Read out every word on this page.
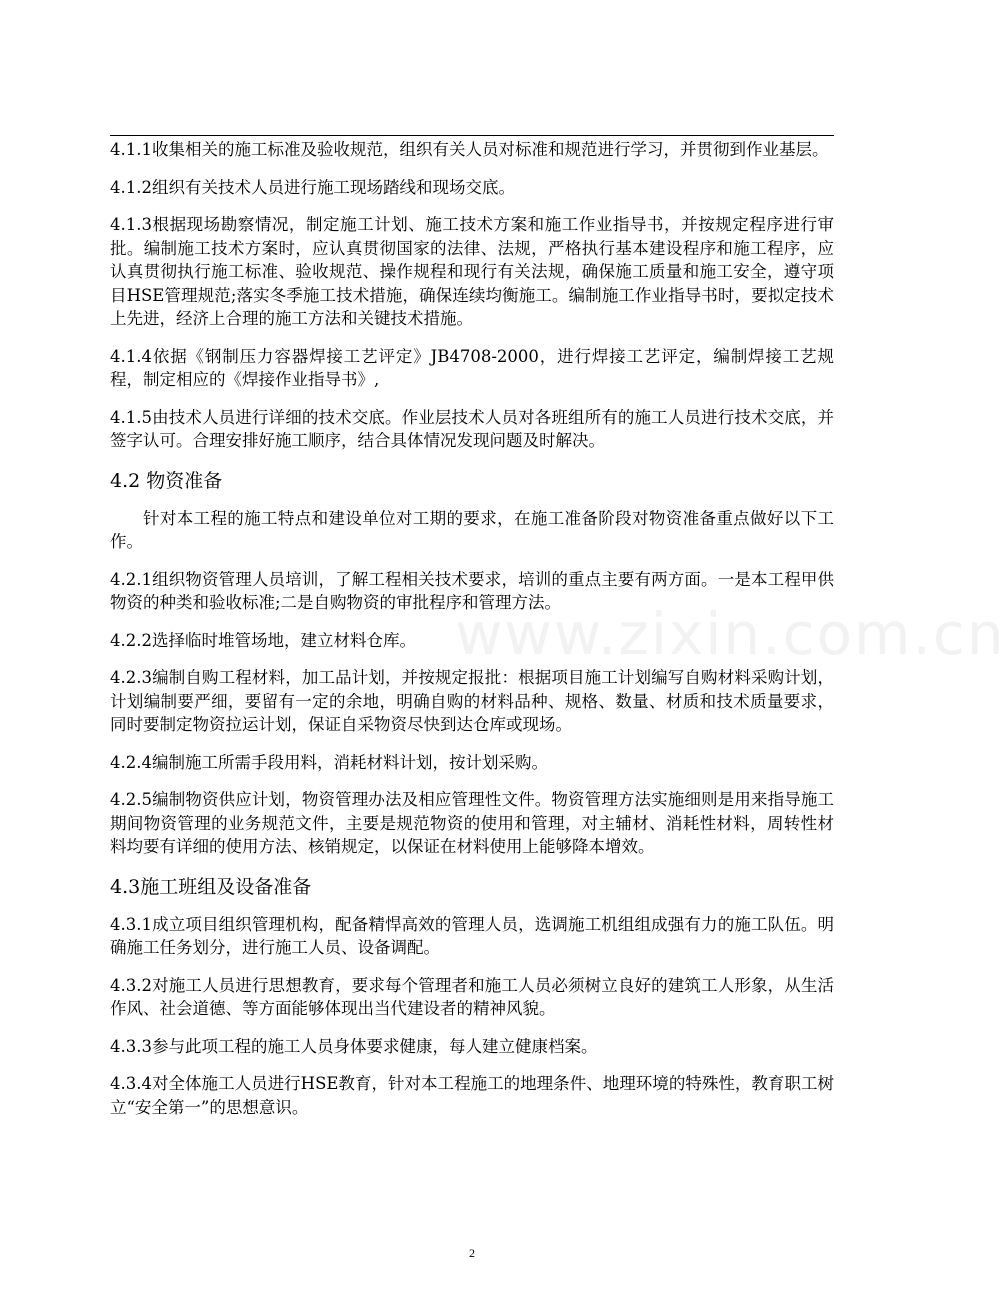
www.zixin.com.cn

4.1.1收集相关的施工标准及验收规范，组织有关人员对标准和规范进行学习，并贯彻到作业基层。

4.1.2组织有关技术人员进行施工现场踏线和现场交底。

4.1.3根据现场勘察情况，制定施工计划、施工技术方案和施工作业指导书，并按规定程序进行审批。编制施工技术方案时，应认真贯彻国家的法律、法规，严格执行基本建设程序和施工程序，应认真贯彻执行施工标准、验收规范、操作规程和现行有关法规，确保施工质量和施工安全，遵守项目HSE管理规范;落实冬季施工技术措施，确保连续均衡施工。编制施工作业指导书时，要拟定技术上先进，经济上合理的施工方法和关键技术措施。

4.1.4依据《钢制压力容器焊接工艺评定》JB4708-2000，进行焊接工艺评定，编制焊接工艺规程，制定相应的《焊接作业指导书》,

4.1.5由技术人员进行详细的技术交底。作业层技术人员对各班组所有的施工人员进行技术交底，并签字认可。合理安排好施工顺序，结合具体情况发现问题及时解决。

4.2 物资准备

针对本工程的施工特点和建设单位对工期的要求，在施工准备阶段对物资准备重点做好以下工作。

4.2.1组织物资管理人员培训，了解工程相关技术要求，培训的重点主要有两方面。一是本工程甲供物资的种类和验收标准;二是自购物资的审批程序和管理方法。

4.2.2选择临时堆管场地，建立材料仓库。

4.2.3编制自购工程材料，加工品计划，并按规定报批：根据项目施工计划编写自购材料采购计划，计划编制要严细，要留有一定的余地，明确自购的材料品种、规格、数量、材质和技术质量要求，同时要制定物资拉运计划，保证自采物资尽快到达仓库或现场。

4.2.4编制施工所需手段用料，消耗材料计划，按计划采购。

4.2.5编制物资供应计划，物资管理办法及相应管理性文件。物资管理方法实施细则是用来指导施工期间物资管理的业务规范文件，主要是规范物资的使用和管理，对主辅材、消耗性材料，周转性材料均要有详细的使用方法、核销规定，以保证在材料使用上能够降本增效。

4.3施工班组及设备准备

4.3.1成立项目组织管理机构，配备精悍高效的管理人员，选调施工机组组成强有力的施工队伍。明确施工任务划分，进行施工人员、设备调配。

4.3.2对施工人员进行思想教育，要求每个管理者和施工人员必须树立良好的建筑工人形象，从生活作风、社会道德、等方面能够体现出当代建设者的精神风貌。

4.3.3参与此项工程的施工人员身体要求健康，每人建立健康档案。

4.3.4对全体施工人员进行HSE教育，针对本工程施工的地理条件、地理环境的特殊性，教育职工树立“安全第一”的思想意识。

2
